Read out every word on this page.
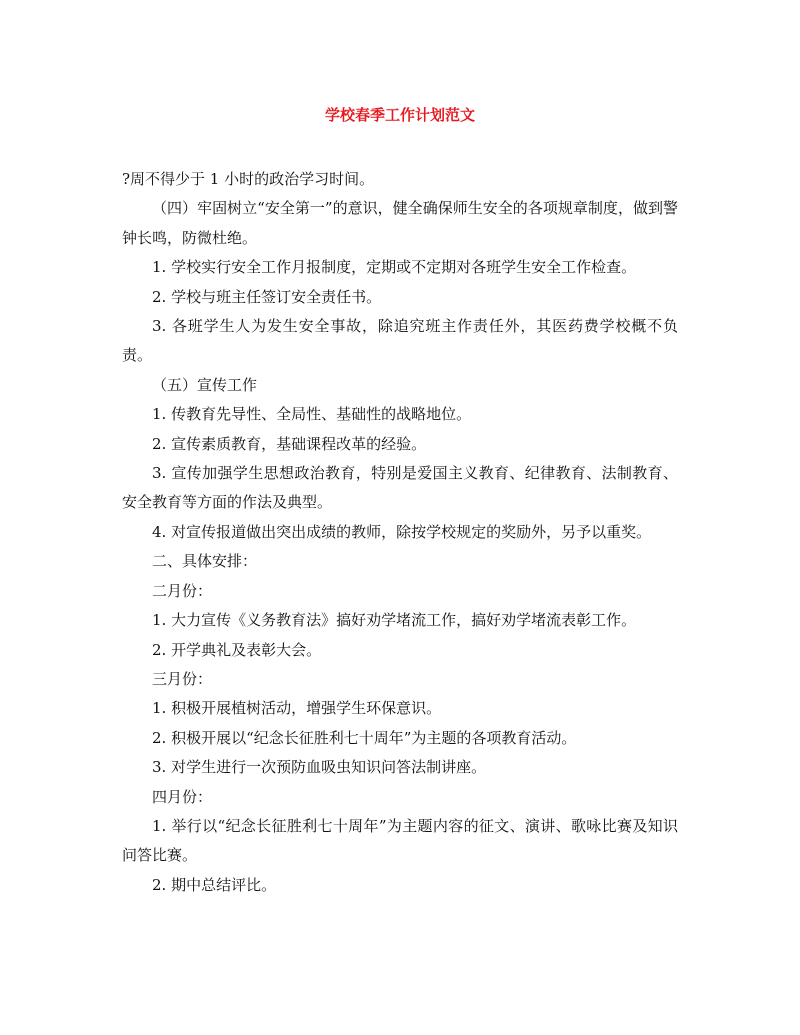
学校春季工作计划范文

?周不得少于 1 小时的政治学习时间。

（四）牢固树立“安全第一”的意识，健全确保师生安全的各项规章制度，做到警钟长鸣，防微杜绝。

1. 学校实行安全工作月报制度，定期或不定期对各班学生安全工作检查。

2. 学校与班主任签订安全责任书。

3. 各班学生人为发生安全事故，除追究班主作责任外，其医药费学校概不负责。

（五）宣传工作

1. 传教育先导性、全局性、基础性的战略地位。

2. 宣传素质教育，基础课程改革的经验。

3. 宣传加强学生思想政治教育，特别是爱国主义教育、纪律教育、法制教育、安全教育等方面的作法及典型。

4. 对宣传报道做出突出成绩的教师，除按学校规定的奖励外，另予以重奖。

二、具体安排：

二月份：

1. 大力宣传《义务教育法》搞好劝学堵流工作，搞好劝学堵流表彰工作。

2. 开学典礼及表彰大会。

三月份：

1. 积极开展植树活动，增强学生环保意识。

2. 积极开展以“纪念长征胜利七十周年”为主题的各项教育活动。

3. 对学生进行一次预防血吸虫知识问答法制讲座。

四月份：

1. 举行以“纪念长征胜利七十周年”为主题内容的征文、演讲、歌咏比赛及知识问答比赛。

2. 期中总结评比。
